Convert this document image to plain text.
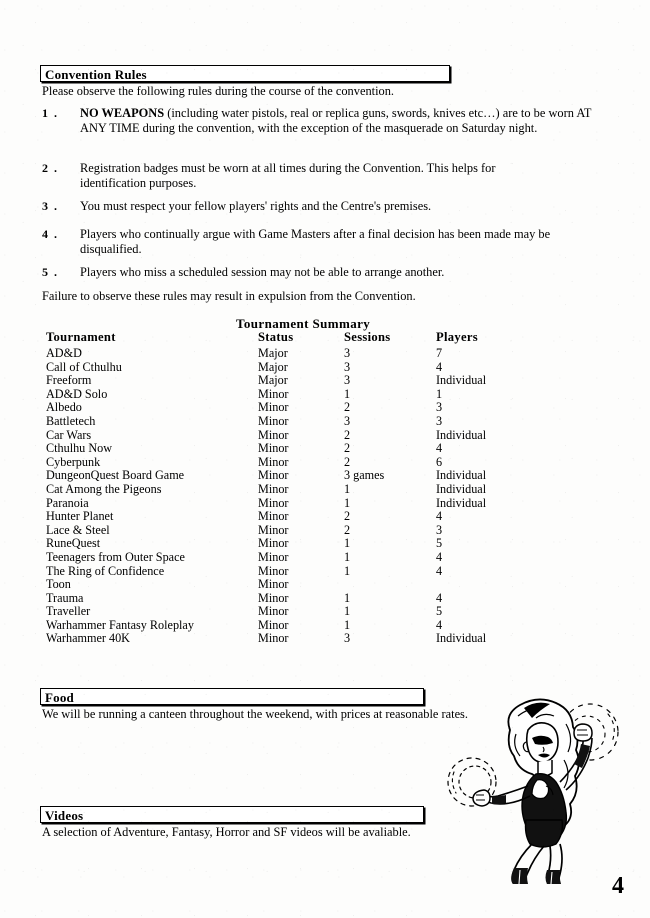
Convention Rules
Please observe the following rules during the course of the convention.
1 . NO WEAPONS (including water pistols, real or replica guns, swords, knives etc…) are to be worn AT ANY TIME during the convention, with the exception of the masquerade on Saturday night.
2 . Registration badges must be worn at all times during the Convention. This helps for identification purposes.
3 . You must respect your fellow players' rights and the Centre's premises.
4 . Players who continually argue with Game Masters after a final decision has been made may be disqualified.
5 . Players who miss a scheduled session may not be able to arrange another.
Failure to observe these rules may result in expulsion from the Convention.
Tournament Summary
Tournament	Status	Sessions	Players
AD&D	Major	3	7
Call of Cthulhu	Major	3	4
Freeform	Major	3	Individual
AD&D Solo	Minor	1	1
Albedo	Minor	2	3
Battletech	Minor	3	3
Car Wars	Minor	2	Individual
Cthulhu Now	Minor	2	4
Cyberpunk	Minor	2	6
DungeonQuest Board Game	Minor	3 games	Individual
Cat Among the Pigeons	Minor	1	Individual
Paranoia	Minor	1	Individual
Hunter Planet	Minor	2	4
Lace & Steel	Minor	2	3
RuneQuest	Minor	1	5
Teenagers from Outer Space	Minor	1	4
The Ring of Confidence	Minor	1	4
Toon	Minor		
Trauma	Minor	1	4
Traveller	Minor	1	5
Warhammer Fantasy Roleplay	Minor	1	4
Warhammer 40K	Minor	3	Individual
Food
We will be running a canteen throughout the weekend, with prices at reasonable rates.
Videos
A selection of Adventure, Fantasy, Horror and SF videos will be avaliable.
4
